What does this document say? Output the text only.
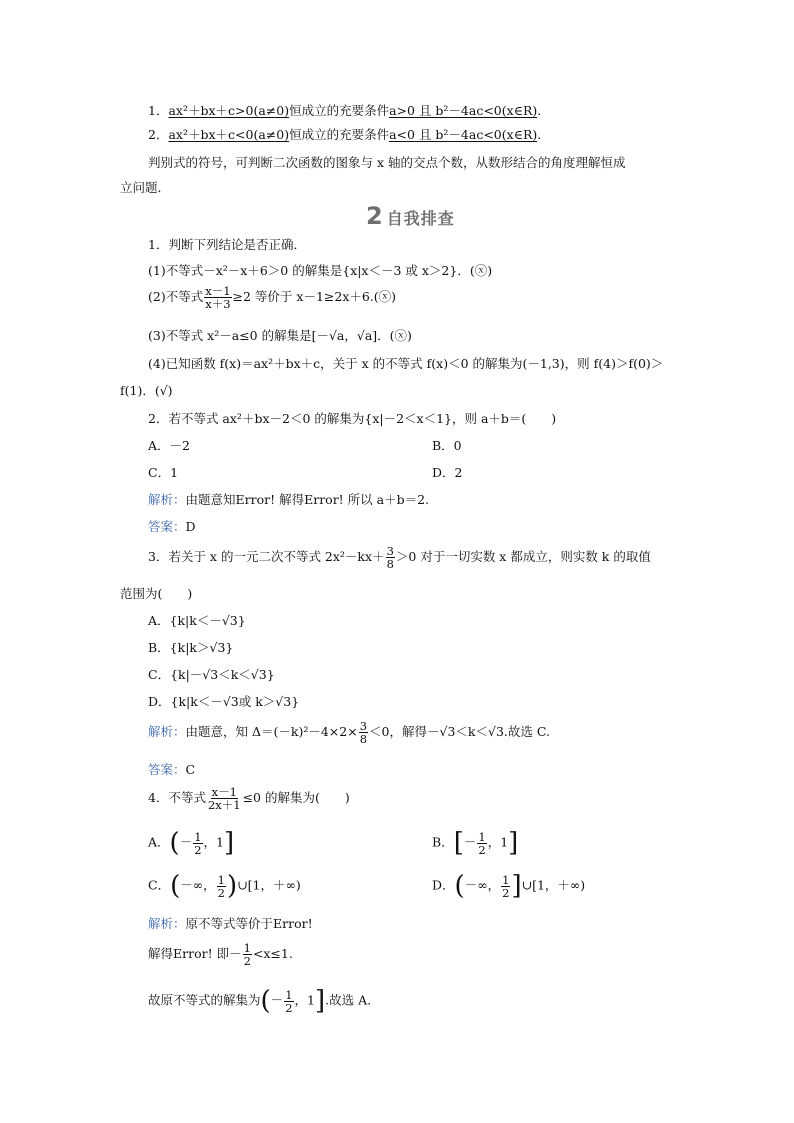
1．ax²＋bx＋c>0(a≠0)恒成立的充要条件a>0 且 b²－4ac<0(x∈R).
2．ax²＋bx＋c<0(a≠0)恒成立的充要条件a<0 且 b²－4ac<0(x∈R).
判别式的符号，可判断二次函数的图象与 x 轴的交点个数，从数形结合的角度理解恒成
立问题．
2 自我排查
1．判断下列结论是否正确．
(1)不等式－x²－x＋6＞0 的解集是{x|x＜－3 或 x＞2}．(ⓧ)
(2)不等式 $\frac{x-1}{x+3} \ge 2$ 等价于 x－1≥2x＋6.(ⓧ)
(3)不等式 x²－a≤0 的解集是[－√a，√a]．(ⓧ)
(4)已知函数 f(x)＝ax²＋bx＋c，关于 x 的不等式 f(x)＜0 的解集为(－1,3)，则 f(4)＞f(0)＞
f(1)．(√)
2．若不等式 ax²＋bx－2＜0 的解集为{x|－2＜x＜1}，则 a＋b＝(　　)
A．－2	B．0
C．1	D．2
解析：由题意知Error! 解得Error! 所以 a＋b＝2.
答案：D
3．若关于 x 的一元二次不等式 $2x^2-kx+ \frac{3}{8} >0$ 对于一切实数 x 都成立，则实数 k 的取值
范围为(　　)
A．{k|k＜－√3}
B．{k|k＞√3}
C．{k|－√3＜k＜√3}
D．{k|k＜－√3或 k＞√3}
解析：由题意，知 $\Delta=(-k)^2-4\times 2\times \frac{3}{8} <0$，解得－√3＜k＜√3.故选 C.
答案：C
4．不等式 $\frac{x-1}{2x+1} \le 0$ 的解集为(　　)
A．(－ $\frac{1}{2}$ ，1]	B．[－ $\frac{1}{2}$ ，1]
C．(－∞， $\frac{1}{2}$ )∪[1，＋∞)	D．(－∞， $\frac{1}{2}$ ]∪[1，＋∞)
解析：原不等式等价于Error!
解得Error! 即－ $\frac{1}{2} <x\le 1$.
故原不等式的解集为(－ $\frac{1}{2}$ ，1].故选 A.
